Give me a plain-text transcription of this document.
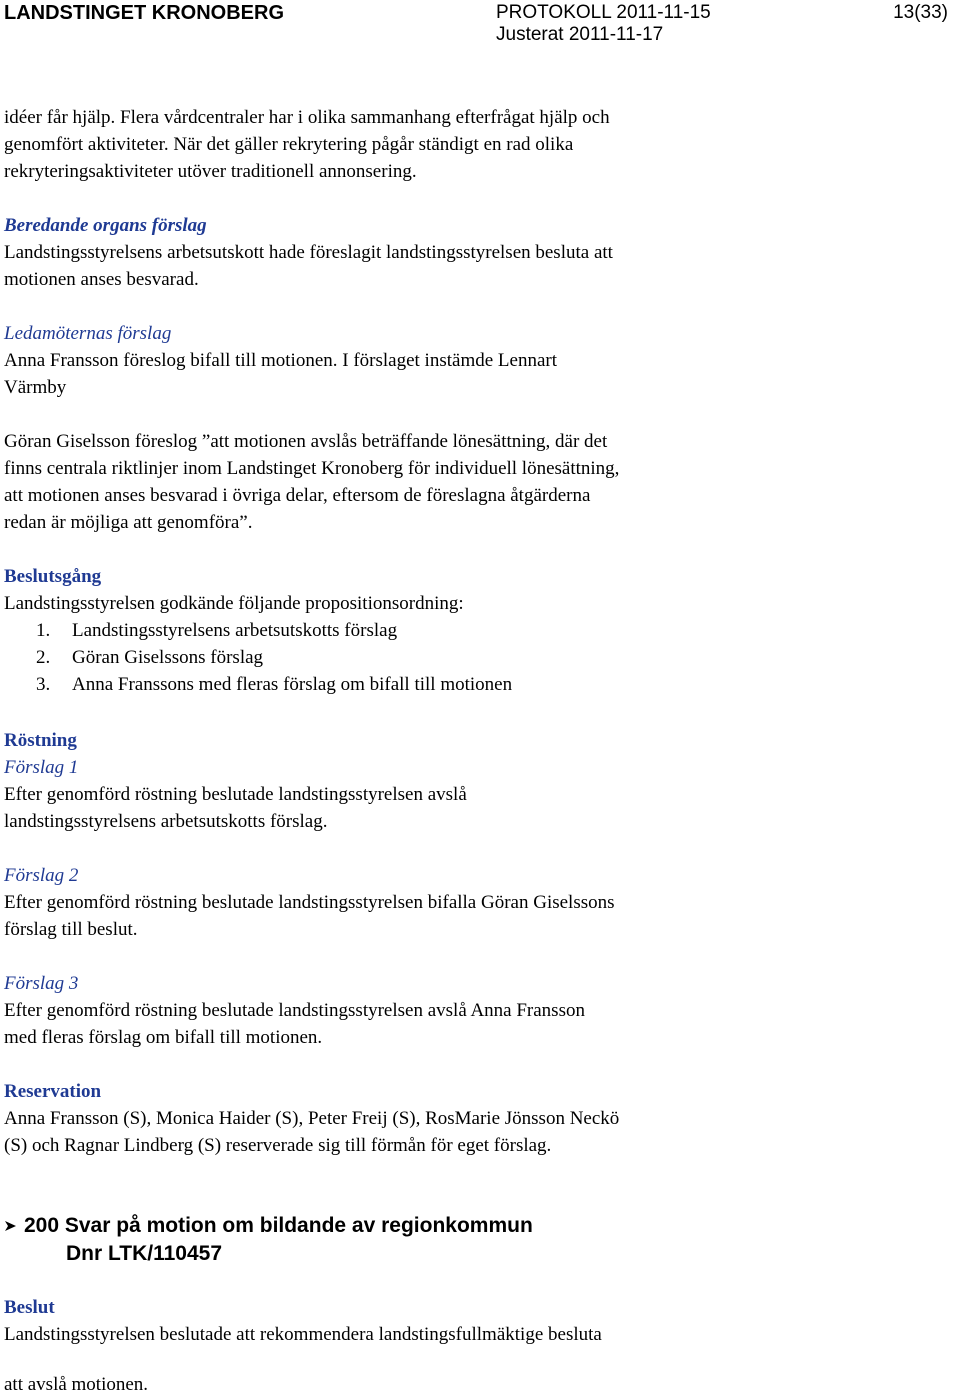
LANDSTINGET KRONOBERG	PROTOKOLL 2011-11-15
Justerat 2011-11-17
13(33)
idéer får hjälp. Flera vårdcentraler har i olika sammanhang efterfrågat hjälp och
genomfört aktiviteter. När det gäller rekrytering pågår ständigt en rad olika
rekryteringsaktiviteter utöver traditionell annonsering.
Beredande organs förslag
Landstingsstyrelsens arbetsutskott hade föreslagit landstingsstyrelsen besluta att
motionen anses besvarad.
Ledamöternas förslag
Anna Fransson föreslog bifall till motionen. I förslaget instämde Lennart
Värmby
Göran Giselsson föreslog ”att motionen avslås beträffande lönesättning, där det
finns centrala riktlinjer inom Landstinget Kronoberg för individuell lönesättning,
att motionen anses besvarad i övriga delar, eftersom de föreslagna åtgärderna
redan är möjliga att genomföra”.
Beslutsgång
Landstingsstyrelsen godkände följande propositionsordning:
1. Landstingsstyrelsens arbetsutskotts förslag
2. Göran Giselssons förslag
3. Anna Franssons med fleras förslag om bifall till motionen
Röstning
Förslag 1
Efter genomförd röstning beslutade landstingsstyrelsen avslå
landstingsstyrelsens arbetsutskotts förslag.
Förslag 2
Efter genomförd röstning beslutade landstingsstyrelsen bifalla Göran Giselssons
förslag till beslut.
Förslag 3
Efter genomförd röstning beslutade landstingsstyrelsen avslå Anna Fransson
med fleras förslag om bifall till motionen.
Reservation
Anna Fransson (S), Monica Haider (S), Peter Freij (S), RosMarie Jönsson Neckö
(S) och Ragnar Lindberg (S) reserverade sig till förmån för eget förslag.
200 Svar på motion om bildande av regionkommun
Dnr LTK/110457
Beslut
Landstingsstyrelsen beslutade att rekommendera landstingsfullmäktige besluta
att avslå motionen.
